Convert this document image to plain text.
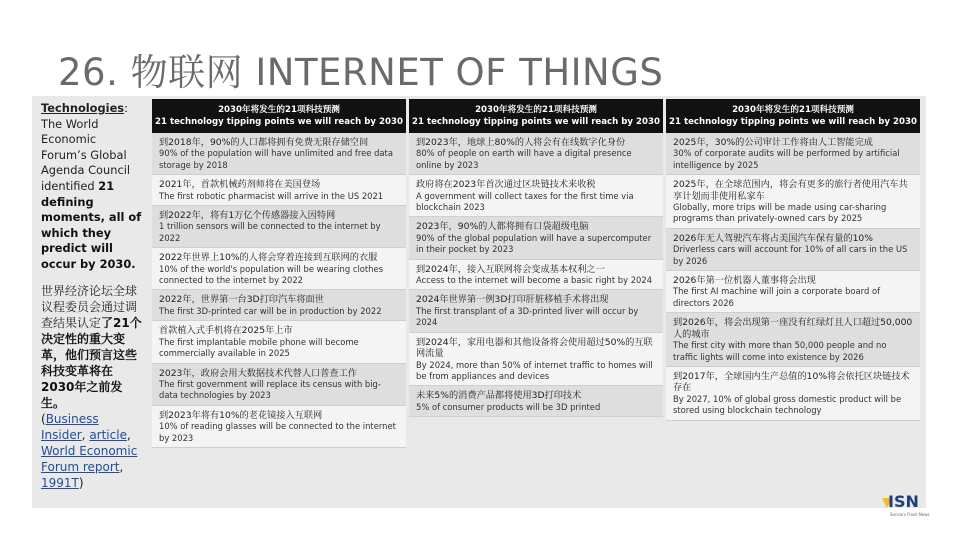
26. 物联网 INTERNET OF THINGS

Technologies: The World Economic Forum’s Global Agenda Council identified 21 defining moments, all of which they predict will occur by 2030.

世界经济论坛全球议程委员会通过调查结果认定了21个决定性的重大变革，他们预言这些科技变革将在2030年之前发生。
(Business Insider, article, World Economic Forum report, 1991T)

2030年将发生的21项科技预测
21 technology tipping points we will reach by 2030
到2018年，90%的人口都将拥有免费无限存储空间
90% of the population will have unlimited and free data storage by 2018
2021年，首款机械药剂师将在美国登场
The first robotic pharmacist will arrive in the US 2021
到2022年，将有1万亿个传感器接入因特网
1 trillion sensors will be connected to the internet by 2022
2022年世界上10%的人将会穿着连接到互联网的衣服
10% of the world's population will be wearing clothes connected to the internet by 2022
2022年，世界第一台3D打印汽车将面世
The first 3D-printed car will be in production by 2022
首款植入式手机将在2025年上市
The first implantable mobile phone will become commercially available in 2025
2023年，政府会用大数据技术代替人口普查工作
The first government will replace its census with big-data technologies by 2023
到2023年将有10%的老花镜接入互联网
10% of reading glasses will be connected to the internet by 2023
2030年将发生的21项科技预测
21 technology tipping points we will reach by 2030
到2023年，地球上80%的人将会有在线数字化身份
80% of people on earth will have a digital presence online by 2023
政府将在2023年首次通过区块链技术来收税
A government will collect taxes for the first time via blockchain 2023
2023年，90%的人都将拥有口袋超级电脑
90% of the global population will have a supercomputer in their pocket by 2023
到2024年，接入互联网将会变成基本权利之一
Access to the internet will become a basic right by 2024
2024年世界第一例3D打印肝脏移植手术将出现
The first transplant of a 3D-printed liver will occur by 2024
到2024年，家用电器和其他设备将会使用超过50%的互联网流量
By 2024, more than 50% of internet traffic to homes will be from appliances and devices
未来5%的消费产品都将使用3D打印技术
5% of consumer products will be 3D printed
2030年将发生的21项科技预测
21 technology tipping points we will reach by 2030
2025年，30%的公司审计工作将由人工智能完成
30% of corporate audits will be performed by artificial intelligence by 2025
2025年，在全球范围内，将会有更多的旅行者使用汽车共享计划而非使用私家车
Globally, more trips will be made using car-sharing programs than privately-owned cars by 2025
2026年无人驾驶汽车将占美国汽车保有量的10%
Driverless cars will account for 10% of all cars in the US by 2026
2026年第一位机器人董事将会出现
The first AI machine will join a corporate board of directors 2026
到2026年，将会出现第一座没有红绿灯且人口超过50,000人的城市
The first city with more than 50,000 people and no traffic lights will come into existence by 2026
到2017年，全球国内生产总值的10%将会依托区块链技术存在
By 2027, 10% of global gross domestic product will be stored using blockchain technology
ISN
Sensors Flash News
